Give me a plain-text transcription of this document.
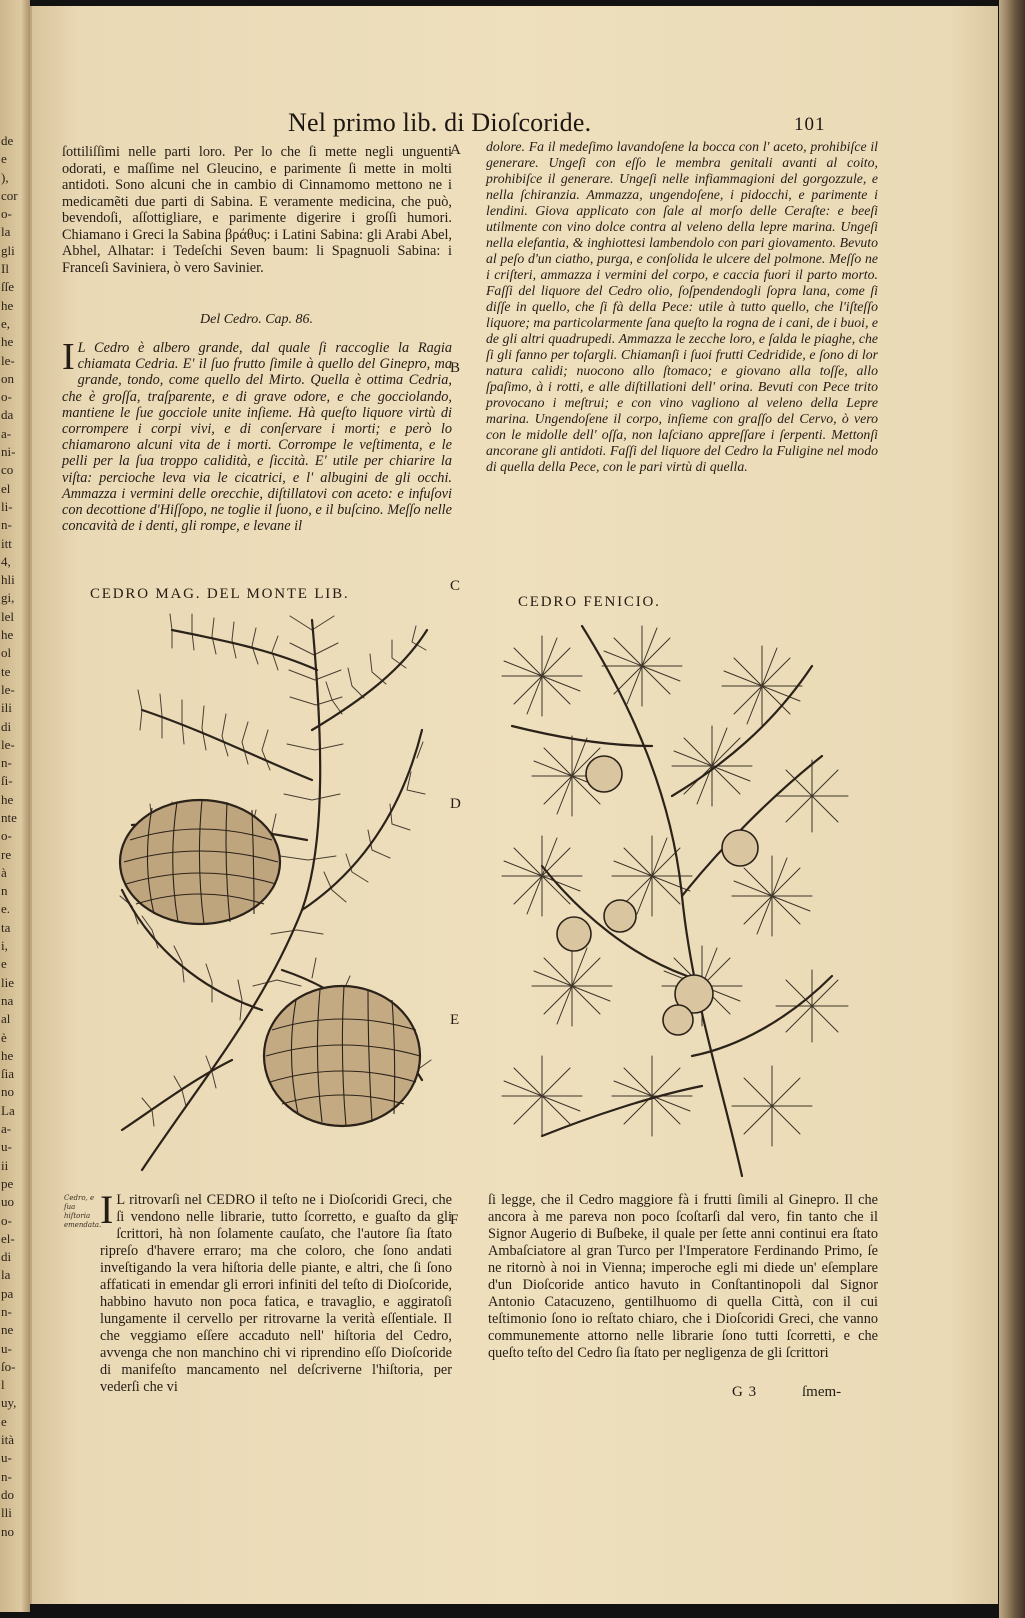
de
e
),
cor
o-
la
gli
Il
ſſe
he
e,
he
le-
on
o-
da
a-
ni-
co
el
li-
n-
itt
4,
hli
gi,
lel
he
ol
te
le-
ili
di
le-
n-
ſi-
he
nte
o-
re
à
n
e.
ta
i,
e
lie
na
al
è
he
ſia
no
La
a-
u-
ii
pe
uo
o-
el-
di
la
pa
n-
ne
u-
ſo-
l
uy,
e
ità
u-
n-
do
lli
no
Nel primo lib. di Dioſcoride.	101

ſottiliſſimi nelle parti loro. Per lo che ſi mette negli unguenti odorati, e maſſime nel Gleucino, e parimente ſi mette in molti antidoti. Sono alcuni che in cambio di Cinnamomo mettono ne i medicamẽti due parti di Sabina. E veramente medicina, che può, bevendoſi, aſſottigliare, e parimente digerire i groſſi humori. Chiamano i Greci la Sabina βράθυς: i Latini Sabina: gli Arabi Abel, Abhel, Alhatar: i Tedeſchi Seven baum: li Spagnuoli Sabina: i Franceſi Saviniera, ò vero Savinier.

Del Cedro. Cap. 86.

I L Cedro è albero grande, dal quale ſi raccoglie la Ragia chiamata Cedria. E' il ſuo frutto ſimile à quello del Ginepro, ma grande, tondo, come quello del Mirto. Quella è ottima Cedria, che è groſſa, traſparente, e di grave odore, e che gocciolando, mantiene le ſue gocciole unite inſieme. Hà queſto liquore virtù di corrompere i corpi vivi, e di conſervare i morti; e però lo chiamarono alcuni vita de i morti. Corrompe le veſtimenta, e le pelli per la ſua troppo calidità, e ſiccità. E' utile per chiarire la viſta: percioche leva via le cicatrici, e l' albugini de gli occhi. Ammazza i vermini delle orecchie, diſtillatovi con aceto: e infuſovi con decottione d'Hiſſopo, ne toglie il ſuono, e il buſcino. Meſſo nelle concavità de i denti, gli rompe, e levane il

dolore. Fa il medeſimo lavandoſene la bocca con l' aceto, prohibiſce il generare. Ungeſi con eſſo le membra genitali avanti al coito, prohibiſce il generare. Ungeſi nelle infiammagioni del gorgozzule, e nella ſchiranzia. Ammazza, ungendoſene, i pidocchi, e parimente i lendini. Giova applicato con ſale al morſo delle Ceraſte: e beeſi utilmente con vino dolce contra al veleno della lepre marina. Ungeſi nella elefantia, & inghiottesi lambendolo con pari giovamento. Bevuto al peſo d'un ciatho, purga, e conſolida le ulcere del polmone. Meſſo ne i criſteri, ammazza i vermini del corpo, e caccia fuori il parto morto. Faſſi del liquore del Cedro olio, ſoſpendendogli ſopra lana, come ſi diſſe in quello, che ſi fà della Pece: utile à tutto quello, che l'iſteſſo liquore; ma particolarmente ſana queſto la rogna de i cani, de i buoi, e de gli altri quadrupedi. Ammazza le zecche loro, e ſalda le piaghe, che ſi gli fanno per toſargli. Chiamanſi i ſuoi frutti Cedridide, e ſono di lor natura calidi; nuocono allo ſtomaco; e giovano alla toſſe, allo ſpaſimo, à i rotti, e alle diſtillationi dell' orina. Bevuti con Pece trito provocano i meſtrui; e con vino vagliono al veleno della Lepre marina. Ungendoſene il corpo, inſieme con graſſo del Cervo, ò vero con le midolle dell' oſſa, non laſciano appreſſare i ſerpenti. Mettonſi ancorane gli antidoti. Faſſi del liquore del Cedro la Fuligine nel modo di quella della Pece, con le pari virtù di quella.

A
B
C
D
E
F
CEDRO MAG. DEL MONTE LIB.	CEDRO FENICIO.
Cedro, e ſua hiſtoria emendata.

I L ritrovarſi nel CEDRO il teſto ne i Dioſcoridi Greci, che ſi vendono nelle librarie, tutto ſcorretto, e guaſto da gli ſcrittori, hà non ſolamente cauſato, che l'autore ſia ſtato ripreſo d'havere erraro; ma che coloro, che ſono andati inveſtigando la vera hiſtoria delle piante, e altri, che ſi ſono affaticati in emendar gli errori infiniti del teſto di Dioſcoride, habbino havuto non poca fatica, e travaglio, e aggiratoſi lungamente il cervello per ritrovarne la verità eſſentiale. Il che veggiamo eſſere accaduto nell' hiſtoria del Cedro, avvenga che non manchino chi vi riprendino eſſo Dioſcoride di manifeſto mancamento nel deſcriverne l'hiſtoria, per vederſi che vi

ſi legge, che il Cedro maggiore fà i frutti ſimili al Ginepro. Il che ancora à me pareva non poco ſcoſtarſi dal vero, fin tanto che il Signor Augerio di Buſbeke, il quale per ſette anni continui era ſtato Ambaſciatore al gran Turco per l'Imperatore Ferdinando Primo, ſe ne ritornò à noi in Vienna; imperoche egli mi diede un' eſemplare d'un Dioſcoride antico havuto in Conſtantinopoli dal Signor Antonio Catacuzeno, gentilhuomo di quella Città, con il cui teſtimonio ſono io reſtato chiaro, che i Dioſcoridi Greci, che vanno communemente attorno nelle librarie ſono tutti ſcorretti, e che queſto teſto del Cedro ſia ſtato per negligenza de gli ſcrittori

G 3	ſmem-
